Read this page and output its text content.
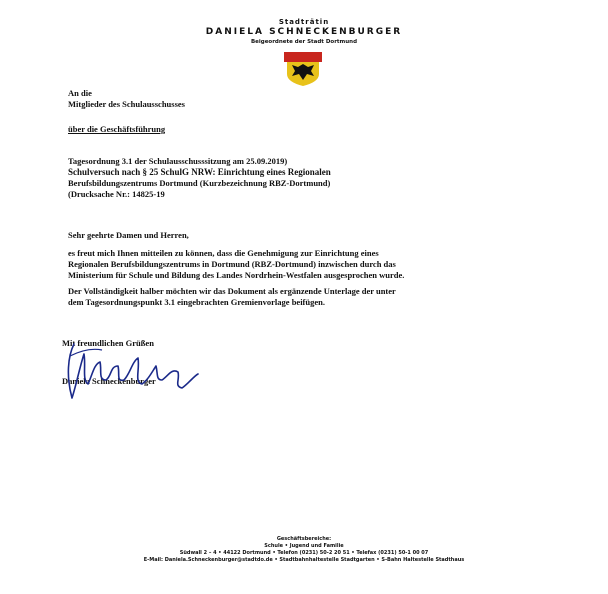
Stadträtin
DANIELA SCHNECKENBURGER
Beigeordnete der Stadt Dortmund
An die
Mitglieder des Schulausschusses
über die Geschäftsführung
Tagesordnung 3.1 der Schulausschusssitzung am 25.09.2019)
Schulversuch nach § 25 SchulG NRW: Einrichtung eines Regionalen
Berufsbildungszentrums Dortmund (Kurzbezeichnung RBZ-Dortmund)
(Drucksache Nr.: 14825-19
Sehr geehrte Damen und Herren,
es freut mich Ihnen mitteilen zu können, dass die Genehmigung zur Einrichtung eines
Regionalen Berufsbildungszentrums in Dortmund (RBZ-Dortmund) inzwischen durch das
Ministerium für Schule und Bildung des Landes Nordrhein-Westfalen ausgesprochen wurde.
Der Vollständigkeit halber möchten wir das Dokument als ergänzende Unterlage der unter
dem Tagesordnungspunkt 3.1 eingebrachten Gremienvorlage beifügen.
Mit freundlichen Grüßen
Daniela Schneckenburger
Geschäftsbereiche:
Schule • Jugend und Familie
Südwall 2 – 4 • 44122 Dortmund • Telefon (0231) 50-2 20 51 • Telefax (0231) 50-1 00 07
E-Mail: Daniela.Schneckenburger@stadtdo.de • Stadtbahnhaltestelle Stadtgarten • S-Bahn Haltestelle Stadthaus
